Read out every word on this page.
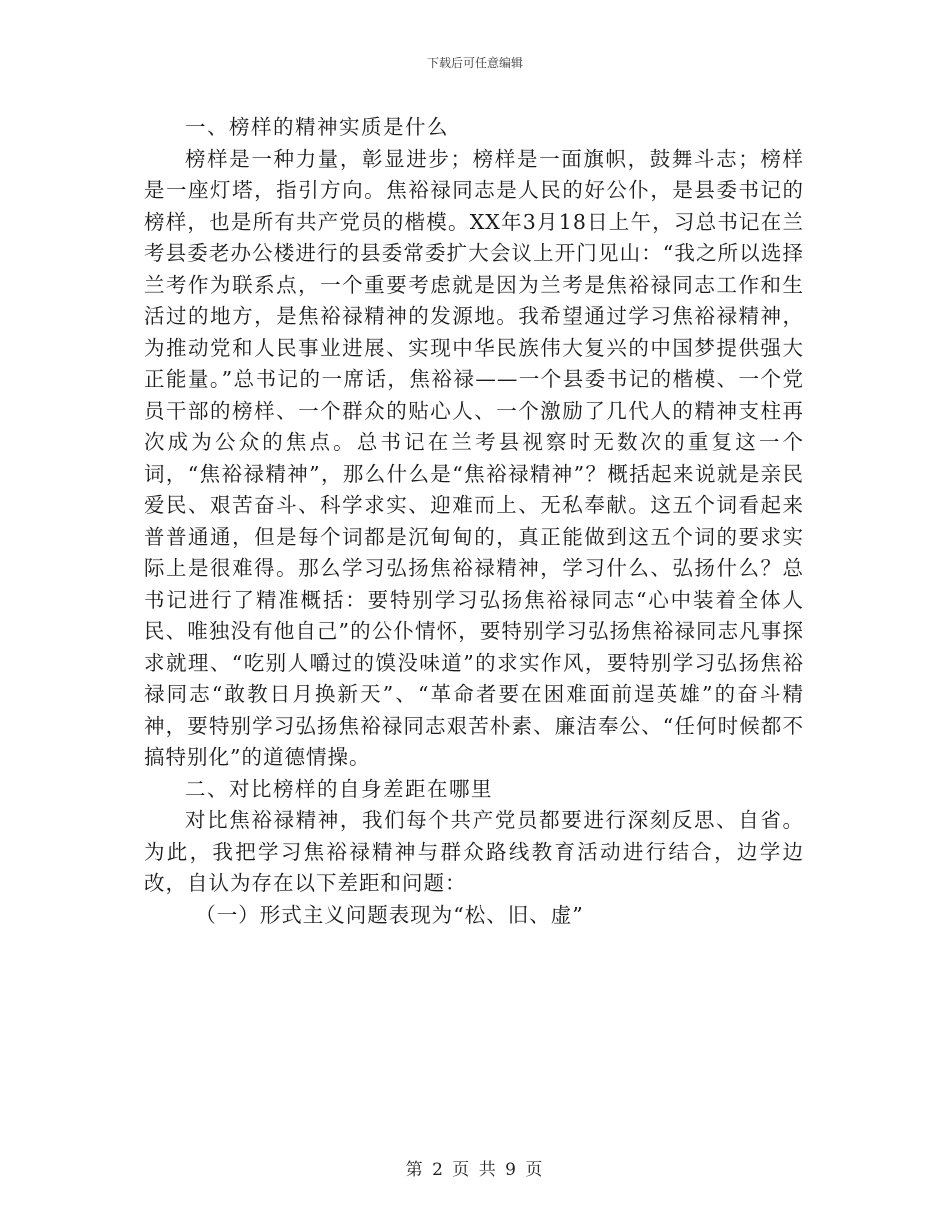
下载后可任意编辑

一、榜样的精神实质是什么

榜样是一种力量，彰显进步；榜样是一面旗帜，鼓舞斗志；榜样是一座灯塔，指引方向。焦裕禄同志是人民的好公仆，是县委书记的榜样，也是所有共产党员的楷模。XX年3月18日上午，习总书记在兰考县委老办公楼进行的县委常委扩大会议上开门见山：“我之所以选择兰考作为联系点，一个重要考虑就是因为兰考是焦裕禄同志工作和生活过的地方，是焦裕禄精神的发源地。我希望通过学习焦裕禄精神，为推动党和人民事业进展、实现中华民族伟大复兴的中国梦提供强大正能量。”总书记的一席话，焦裕禄——一个县委书记的楷模、一个党员干部的榜样、一个群众的贴心人、一个激励了几代人的精神支柱再次成为公众的焦点。总书记在兰考县视察时无数次的重复这一个词，“焦裕禄精神”，那么什么是“焦裕禄精神”？概括起来说就是亲民爱民、艰苦奋斗、科学求实、迎难而上、无私奉献。这五个词看起来普普通通，但是每个词都是沉甸甸的，真正能做到这五个词的要求实际上是很难得。那么学习弘扬焦裕禄精神，学习什么、弘扬什么？总书记进行了精准概括：要特别学习弘扬焦裕禄同志“心中装着全体人民、唯独没有他自己”的公仆情怀，要特别学习弘扬焦裕禄同志凡事探求就理、“吃别人嚼过的馍没味道”的求实作风，要特别学习弘扬焦裕禄同志“敢教日月换新天”、“革命者要在困难面前逞英雄”的奋斗精神，要特别学习弘扬焦裕禄同志艰苦朴素、廉洁奉公、“任何时候都不搞特别化”的道德情操。

二、对比榜样的自身差距在哪里

对比焦裕禄精神，我们每个共产党员都要进行深刻反思、自省。为此，我把学习焦裕禄精神与群众路线教育活动进行结合，边学边改，自认为存在以下差距和问题：

（一）形式主义问题表现为“松、旧、虚”

第 2 页 共 9 页
